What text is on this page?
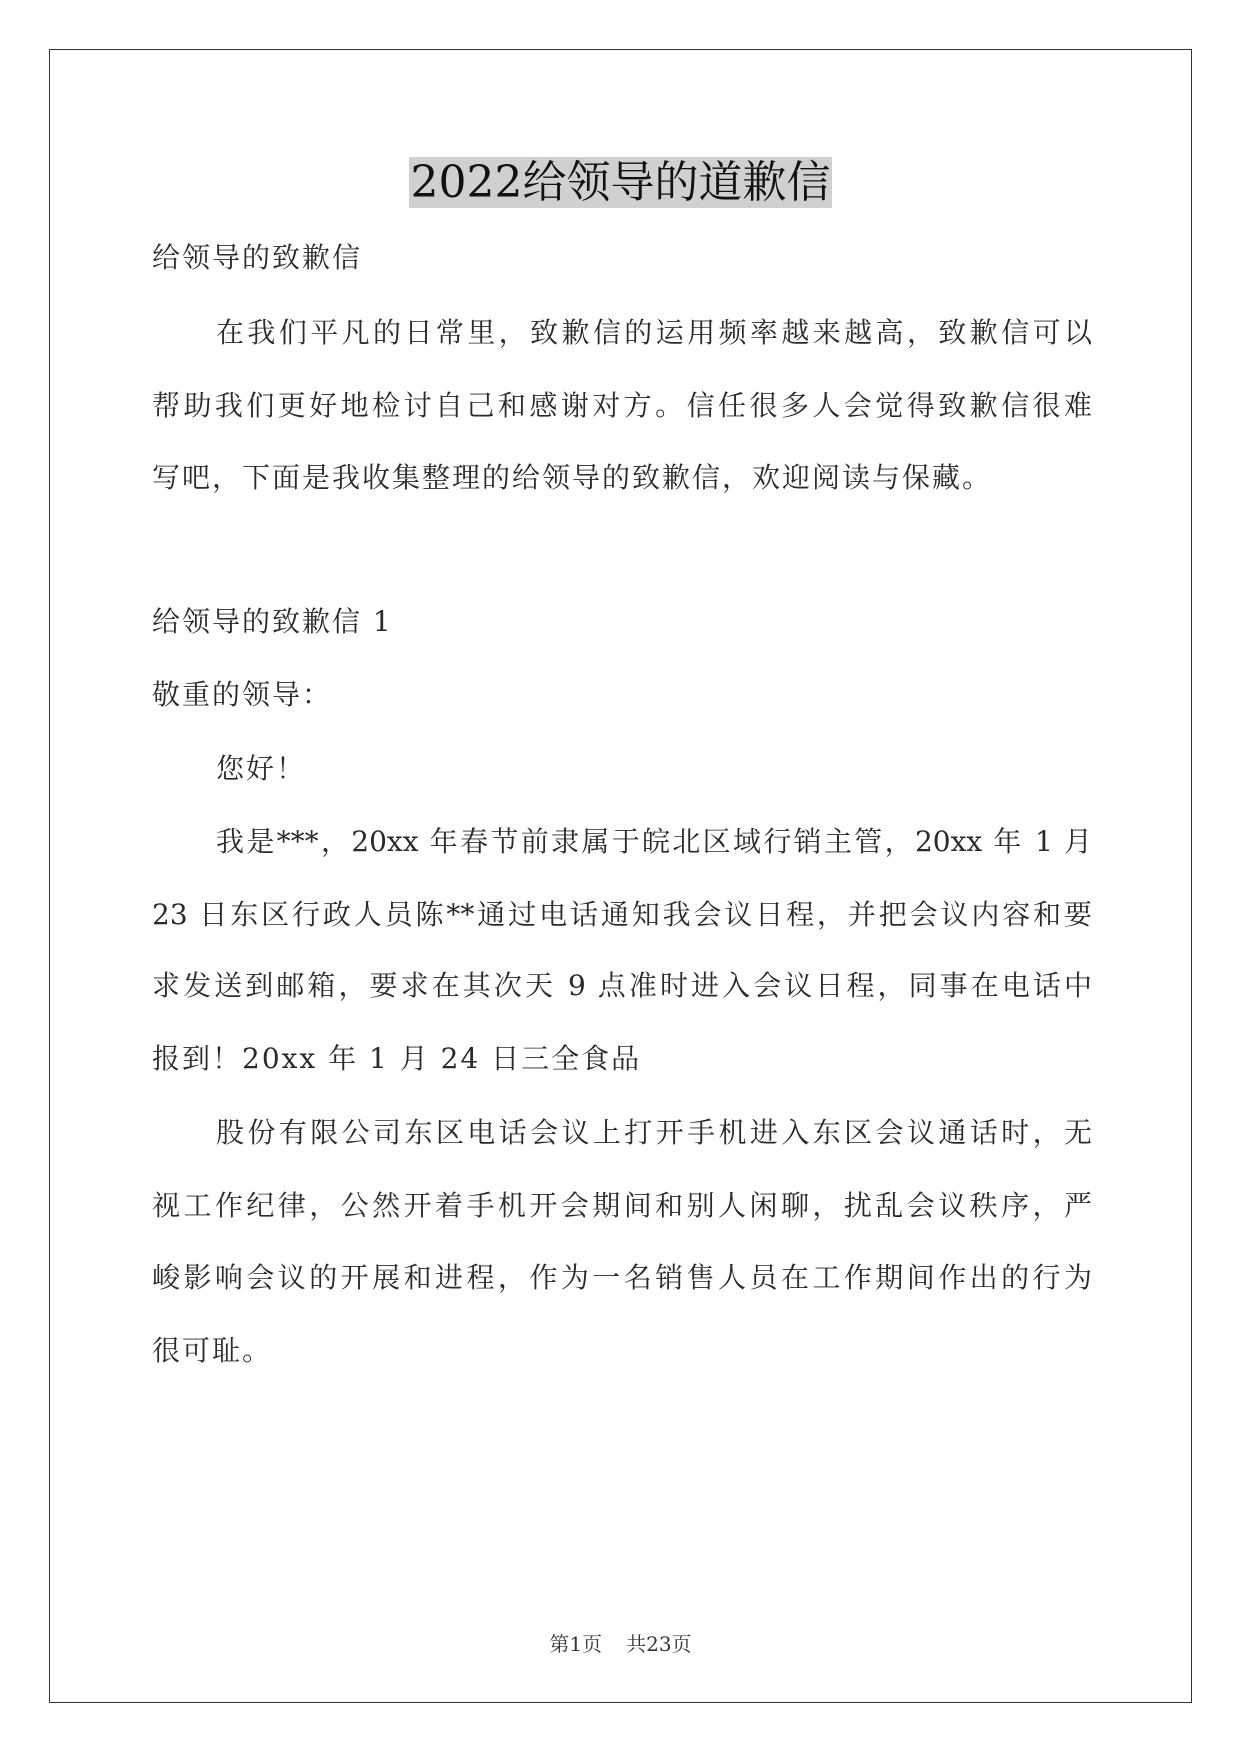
2022给领导的道歉信
给领导的致歉信
在我们平凡的日常里，致歉信的运用频率越来越高，致歉信可以
帮助我们更好地检讨自己和感谢对方。信任很多人会觉得致歉信很难
写吧，下面是我收集整理的给领导的致歉信，欢迎阅读与保藏。
给领导的致歉信 1
敬重的领导：
您好！
我是***，20xx 年春节前隶属于皖北区域行销主管，20xx 年 1 月
23 日东区行政人员陈**通过电话通知我会议日程，并把会议内容和要
求发送到邮箱，要求在其次天 9 点准时进入会议日程，同事在电话中
报到！20xx 年 1 月 24 日三全食品
股份有限公司东区电话会议上打开手机进入东区会议通话时，无
视工作纪律，公然开着手机开会期间和别人闲聊，扰乱会议秩序，严
峻影响会议的开展和进程，作为一名销售人员在工作期间作出的行为
很可耻。
第1页 共23页
